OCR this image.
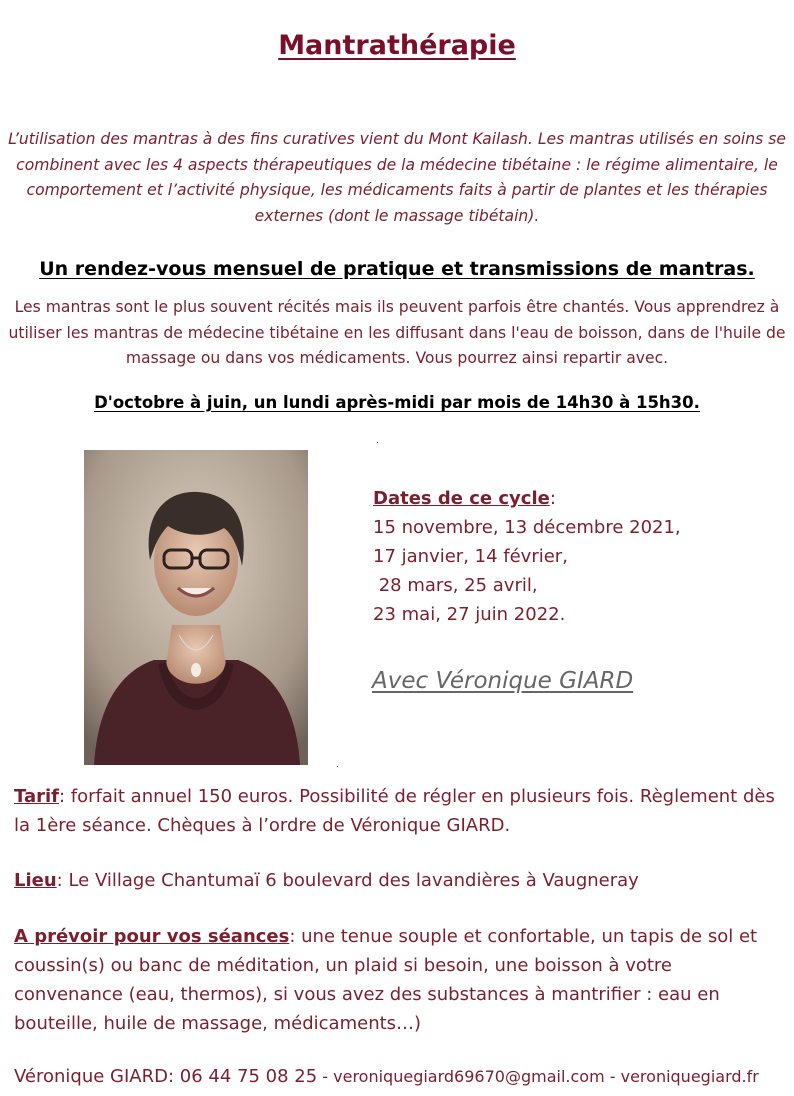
Mantrathérapie
L’utilisation des mantras à des fins curatives vient du Mont Kailash. Les mantras utilisés en soins se combinent avec les 4 aspects thérapeutiques de la médecine tibétaine : le régime alimentaire, le comportement et l’activité physique, les médicaments faits à partir de plantes et les thérapies externes (dont le massage tibétain).
Un rendez-vous mensuel de pratique et transmissions de mantras.
Les mantras sont le plus souvent récités mais ils peuvent parfois être chantés. Vous apprendrez à utiliser les mantras de médecine tibétaine en les diffusant dans l'eau de boisson, dans de l'huile de massage ou dans vos médicaments. Vous pourrez ainsi repartir avec.
D'octobre à juin, un lundi après-midi par mois de 14h30 à 15h30.
.
.
Dates de ce cycle:
15 novembre, 13 décembre 2021,
17 janvier, 14 février,
28 mars, 25 avril,
23 mai, 27 juin 2022.
Avec Véronique GIARD
Tarif: forfait annuel 150 euros. Possibilité de régler en plusieurs fois. Règlement dès la 1ère séance. Chèques à l’ordre de Véronique GIARD.
Lieu: Le Village Chantumaï 6 boulevard des lavandières à Vaugneray
A prévoir pour vos séances: une tenue souple et confortable, un tapis de sol et coussin(s) ou banc de méditation, un plaid si besoin, une boisson à votre convenance (eau, thermos), si vous avez des substances à mantrifier : eau en bouteille, huile de massage, médicaments…)
Véronique GIARD: 06 44 75 08 25 - veroniquegiard69670@gmail.com - veroniquegiard.fr
